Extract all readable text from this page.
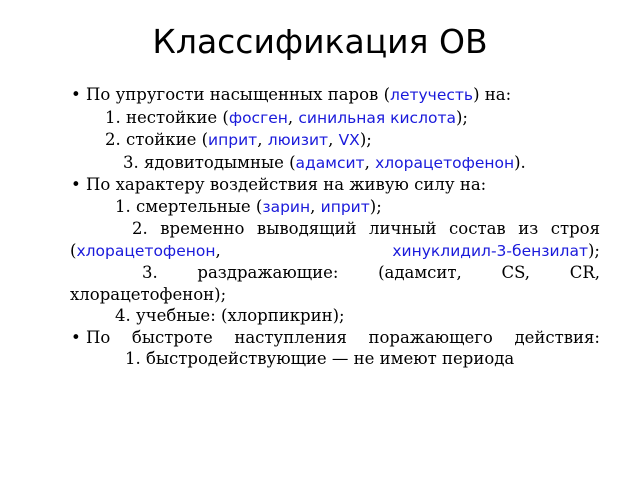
Классификация ОВ
• По упругости насыщенных паров (летучесть) на:
1. нестойкие (фосген, синильная кислота);
2. стойкие (иприт, люизит, VX);
3. ядовитодымные (адамсит, хлорацетофенон).
• По характеру воздействия на живую силу на:
1. смертельные (зарин, иприт);
2. временно выводящий личный состав из строя (хлорацетофенон, хинуклидил-3-бензилат);
3. раздражающие: (адамсит, CS, CR, хлорацетофенон);
4. учебные: (хлорпикрин);
• По быстроте наступления поражающего действия:
1. быстродействующие — не имеют периода
